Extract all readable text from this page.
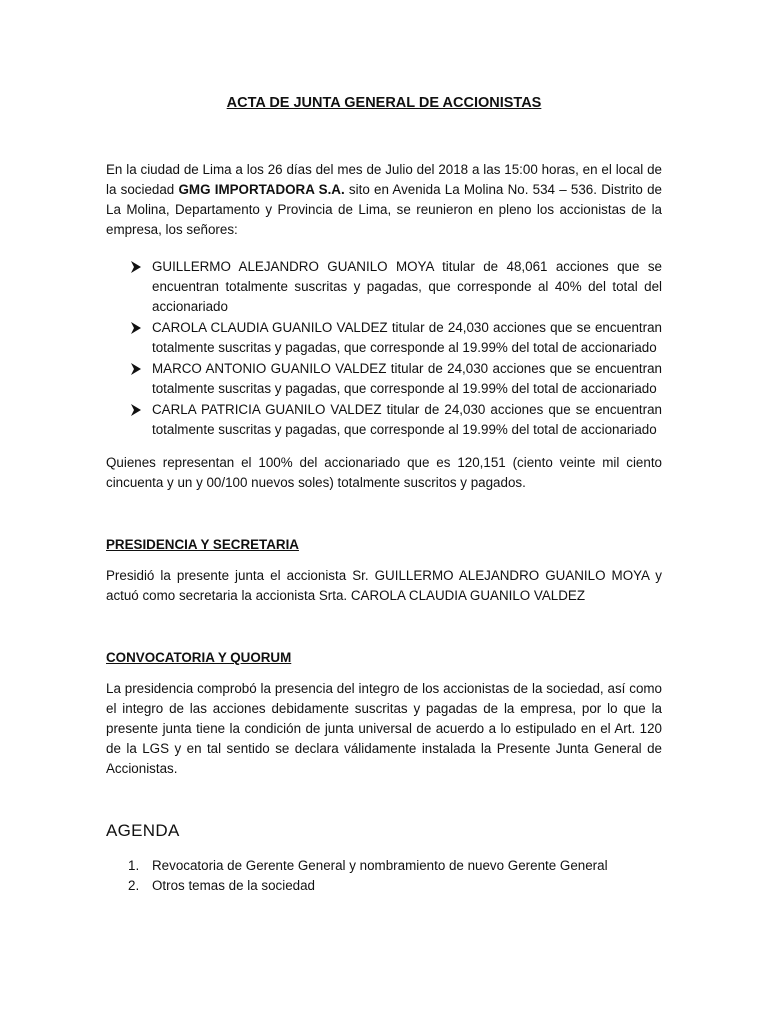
ACTA DE JUNTA GENERAL DE ACCIONISTAS

En la ciudad de Lima a los 26 días del mes de Julio del 2018 a las 15:00 horas, en el local de la sociedad GMG IMPORTADORA S.A. sito en Avenida La Molina No. 534 – 536. Distrito de La Molina, Departamento y Provincia de Lima, se reunieron en pleno los accionistas de la empresa, los señores:

GUILLERMO ALEJANDRO GUANILO MOYA titular de 48,061 acciones que se encuentran totalmente suscritas y pagadas, que corresponde al 40% del total del accionariado
CAROLA CLAUDIA GUANILO VALDEZ titular de 24,030 acciones que se encuentran totalmente suscritas y pagadas, que corresponde al 19.99% del total de accionariado
MARCO ANTONIO GUANILO VALDEZ titular de 24,030 acciones que se encuentran totalmente suscritas y pagadas, que corresponde al 19.99% del total de accionariado
CARLA PATRICIA GUANILO VALDEZ titular de 24,030 acciones que se encuentran totalmente suscritas y pagadas, que corresponde al 19.99% del total de accionariado

Quienes representan el 100% del accionariado que es 120,151 (ciento veinte mil ciento cincuenta y un y 00/100 nuevos soles) totalmente suscritos y pagados.

PRESIDENCIA Y SECRETARIA

Presidió la presente junta el accionista Sr. GUILLERMO ALEJANDRO GUANILO MOYA y actuó como secretaria la accionista Srta. CAROLA CLAUDIA GUANILO VALDEZ

CONVOCATORIA Y QUORUM

La presidencia comprobó la presencia del integro de los accionistas de la sociedad, así como el integro de las acciones debidamente suscritas y pagadas de la empresa, por lo que la presente junta tiene la condición de junta universal de acuerdo a lo estipulado en el Art. 120 de la LGS y en tal sentido se declara válidamente instalada la Presente Junta General de Accionistas.

AGENDA
1. Revocatoria de Gerente General y nombramiento de nuevo Gerente General
2. Otros temas de la sociedad
